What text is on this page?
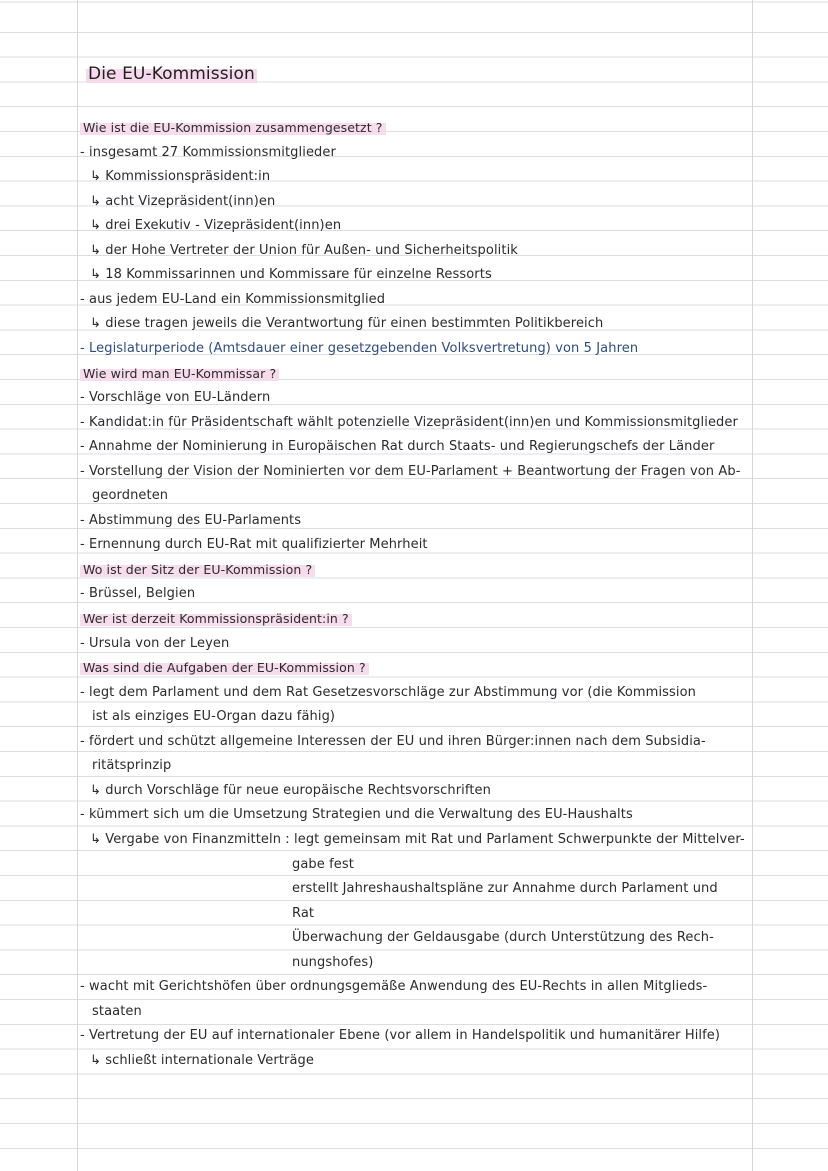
Die EU-Kommission
Wie ist die EU-Kommission zusammengesetzt ?
- insgesamt 27 Kommissionsmitglieder
↳ Kommissionspräsident:in
↳ acht Vizepräsident(inn)en
↳ drei Exekutiv - Vizepräsident(inn)en
↳ der Hohe Vertreter der Union für Außen- und Sicherheitspolitik
↳ 18 Kommissarinnen und Kommissare für einzelne Ressorts
- aus jedem EU-Land ein Kommissionsmitglied
↳ diese tragen jeweils die Verantwortung für einen bestimmten Politikbereich
- Legislaturperiode (Amtsdauer einer gesetzgebenden Volksvertretung) von 5 Jahren
Wie wird man EU-Kommissar ?
- Vorschläge von EU-Ländern
- Kandidat:in für Präsidentschaft wählt potenzielle Vizepräsident(inn)en und Kommissionsmitglieder
- Annahme der Nominierung in Europäischen Rat durch Staats- und Regierungschefs der Länder
- Vorstellung der Vision der Nominierten vor dem EU-Parlament + Beantwortung der Fragen von Ab-
geordneten
- Abstimmung des EU-Parlaments
- Ernennung durch EU-Rat mit qualifizierter Mehrheit
Wo ist der Sitz der EU-Kommission ?
- Brüssel, Belgien
Wer ist derzeit Kommissionspräsident:in ?
- Ursula von der Leyen
Was sind die Aufgaben der EU-Kommission ?
- legt dem Parlament und dem Rat Gesetzesvorschläge zur Abstimmung vor (die Kommission
ist als einziges EU-Organ dazu fähig)
- fördert und schützt allgemeine Interessen der EU und ihren Bürger:innen nach dem Subsidia-
ritätsprinzip
↳ durch Vorschläge für neue europäische Rechtsvorschriften
- kümmert sich um die Umsetzung Strategien und die Verwaltung des EU-Haushalts
↳ Vergabe von Finanzmitteln : legt gemeinsam mit Rat und Parlament Schwerpunkte der Mittelver-
gabe fest
erstellt Jahreshaushaltspläne zur Annahme durch Parlament und
Rat
Überwachung der Geldausgabe (durch Unterstützung des Rech-
nungshofes)
- wacht mit Gerichtshöfen über ordnungsgemäße Anwendung des EU-Rechts in allen Mitglieds-
staaten
- Vertretung der EU auf internationaler Ebene (vor allem in Handelspolitik und humanitärer Hilfe)
↳ schließt internationale Verträge
